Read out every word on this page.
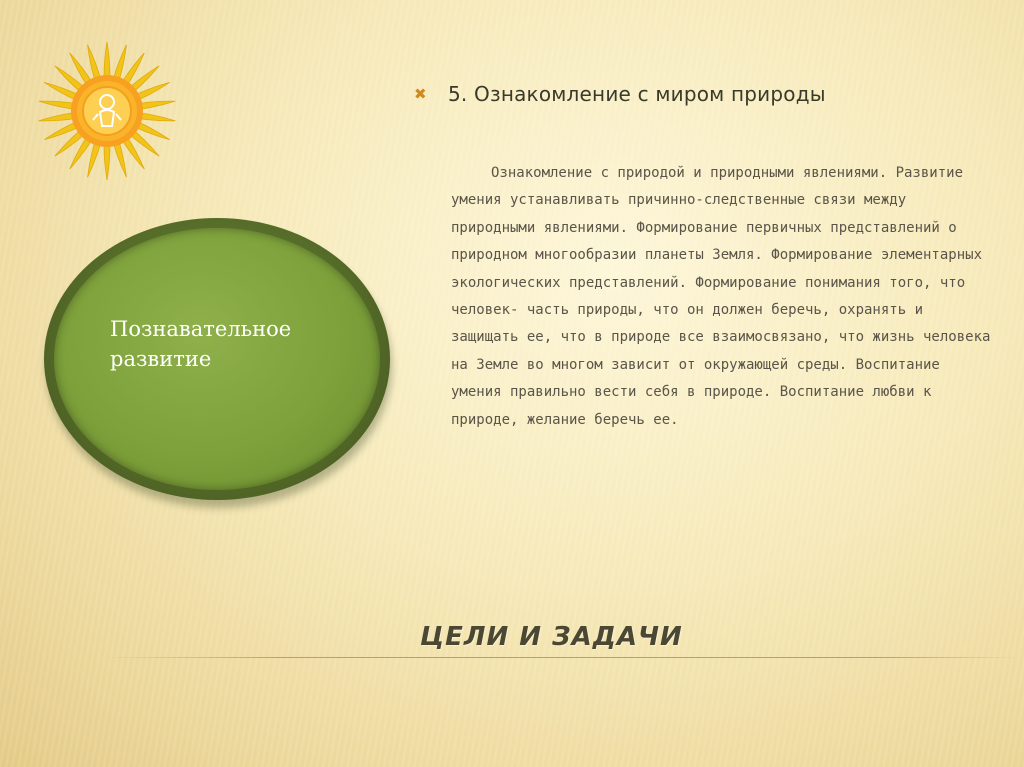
Познавательное развитие
✖	5. Ознакомление с миром природы
Ознакомление с природой и природными явлениями. Развитие умения устанавливать причинно-следственные связи между природными явлениями. Формирование первичных представлений о природном многообразии планеты Земля. Формирование элементарных экологических представлений. Формирование понимания того, что человек- часть природы, что он должен беречь, охранять и защищать ее, что в природе все взаимосвязано, что жизнь человека на Земле во многом зависит от окружающей среды. Воспитание умения правильно вести себя в природе. Воспитание любви к природе, желание беречь ее.
ЦЕЛИ И ЗАДАЧИ
